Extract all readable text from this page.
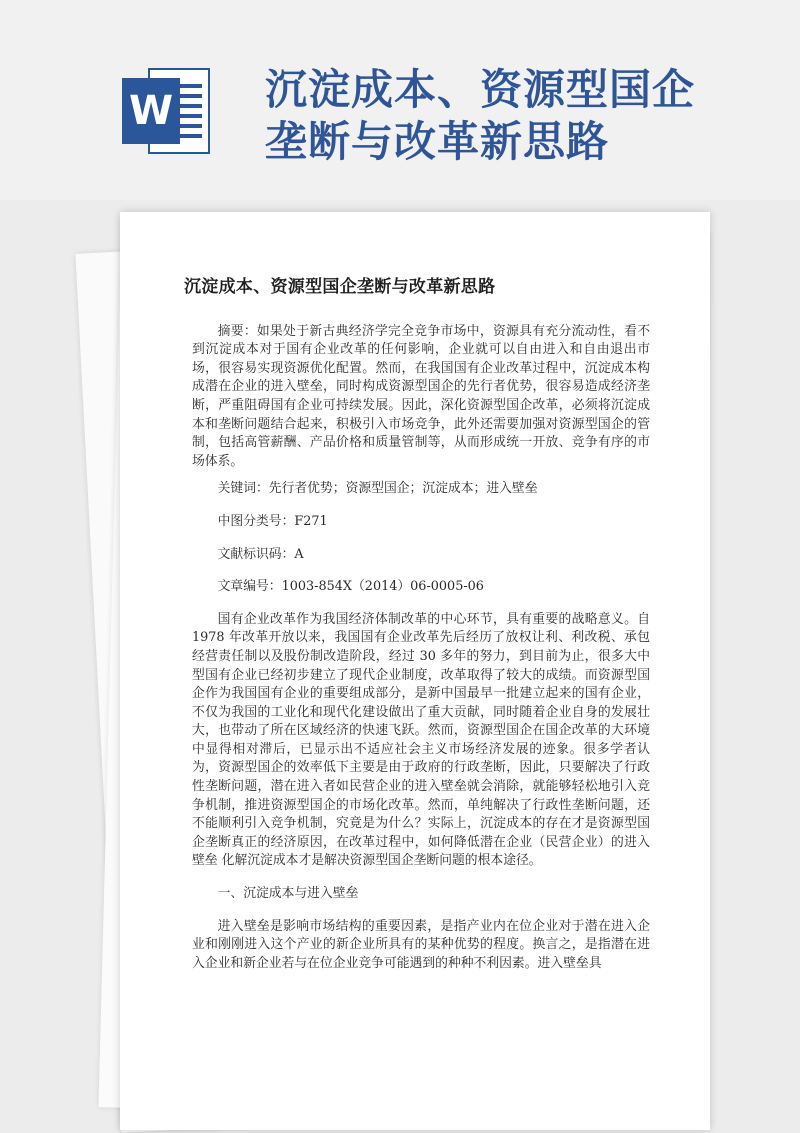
W 沉淀成本、资源型国企
垄断与改革新思路
沉淀成本、资源型国企垄断与改革新思路

摘要：如果处于新古典经济学完全竞争市场中，资源具有充分流动性，看不到沉淀成本对于国有企业改革的任何影响，企业就可以自由进入和自由退出市场，很容易实现资源优化配置。然而，在我国国有企业改革过程中，沉淀成本构成潜在企业的进入壁垒，同时构成资源型国企的先行者优势，很容易造成经济垄断，严重阻碍国有企业可持续发展。因此，深化资源型国企改革，必须将沉淀成本和垄断问题结合起来，积极引入市场竞争，此外还需要加强对资源型国企的管制，包括高管薪酬、产品价格和质量管制等，从而形成统一开放、竞争有序的市场体系。

关键词：先行者优势；资源型国企；沉淀成本；进入壁垒

中图分类号：F271

文献标识码：A

文章编号：1003-854X（2014）06-0005-06

国有企业改革作为我国经济体制改革的中心环节，具有重要的战略意义。自 1978 年改革开放以来，我国国有企业改革先后经历了放权让利、利改税、承包经营责任制以及股份制改造阶段，经过 30 多年的努力，到目前为止，很多大中型国有企业已经初步建立了现代企业制度，改革取得了较大的成绩。而资源型国企作为我国国有企业的重要组成部分，是新中国最早一批建立起来的国有企业，不仅为我国的工业化和现代化建设做出了重大贡献，同时随着企业自身的发展壮大，也带动了所在区域经济的快速飞跃。然而，资源型国企在国企改革的大环境中显得相对滞后，已显示出不适应社会主义市场经济发展的迹象。很多学者认为，资源型国企的效率低下主要是由于政府的行政垄断，因此，只要解决了行政性垄断问题，潜在进入者如民营企业的进入壁垒就会消除，就能够轻松地引入竞争机制，推进资源型国企的市场化改革。然而，单纯解决了行政性垄断问题，还不能顺利引入竞争机制，究竟是为什么？实际上，沉淀成本的存在才是资源型国企垄断真正的经济原因，在改革过程中，如何降低潜在企业（民营企业）的进入壁垒 化解沉淀成本才是解决资源型国企垄断问题的根本途径。

一、沉淀成本与进入壁垒

进入壁垒是影响市场结构的重要因素，是指产业内在位企业对于潜在进入企业和刚刚进入这个产业的新企业所具有的某种优势的程度。换言之，是指潜在进入企业和新企业若与在位企业竞争可能遇到的种种不利因素。进入壁垒具
